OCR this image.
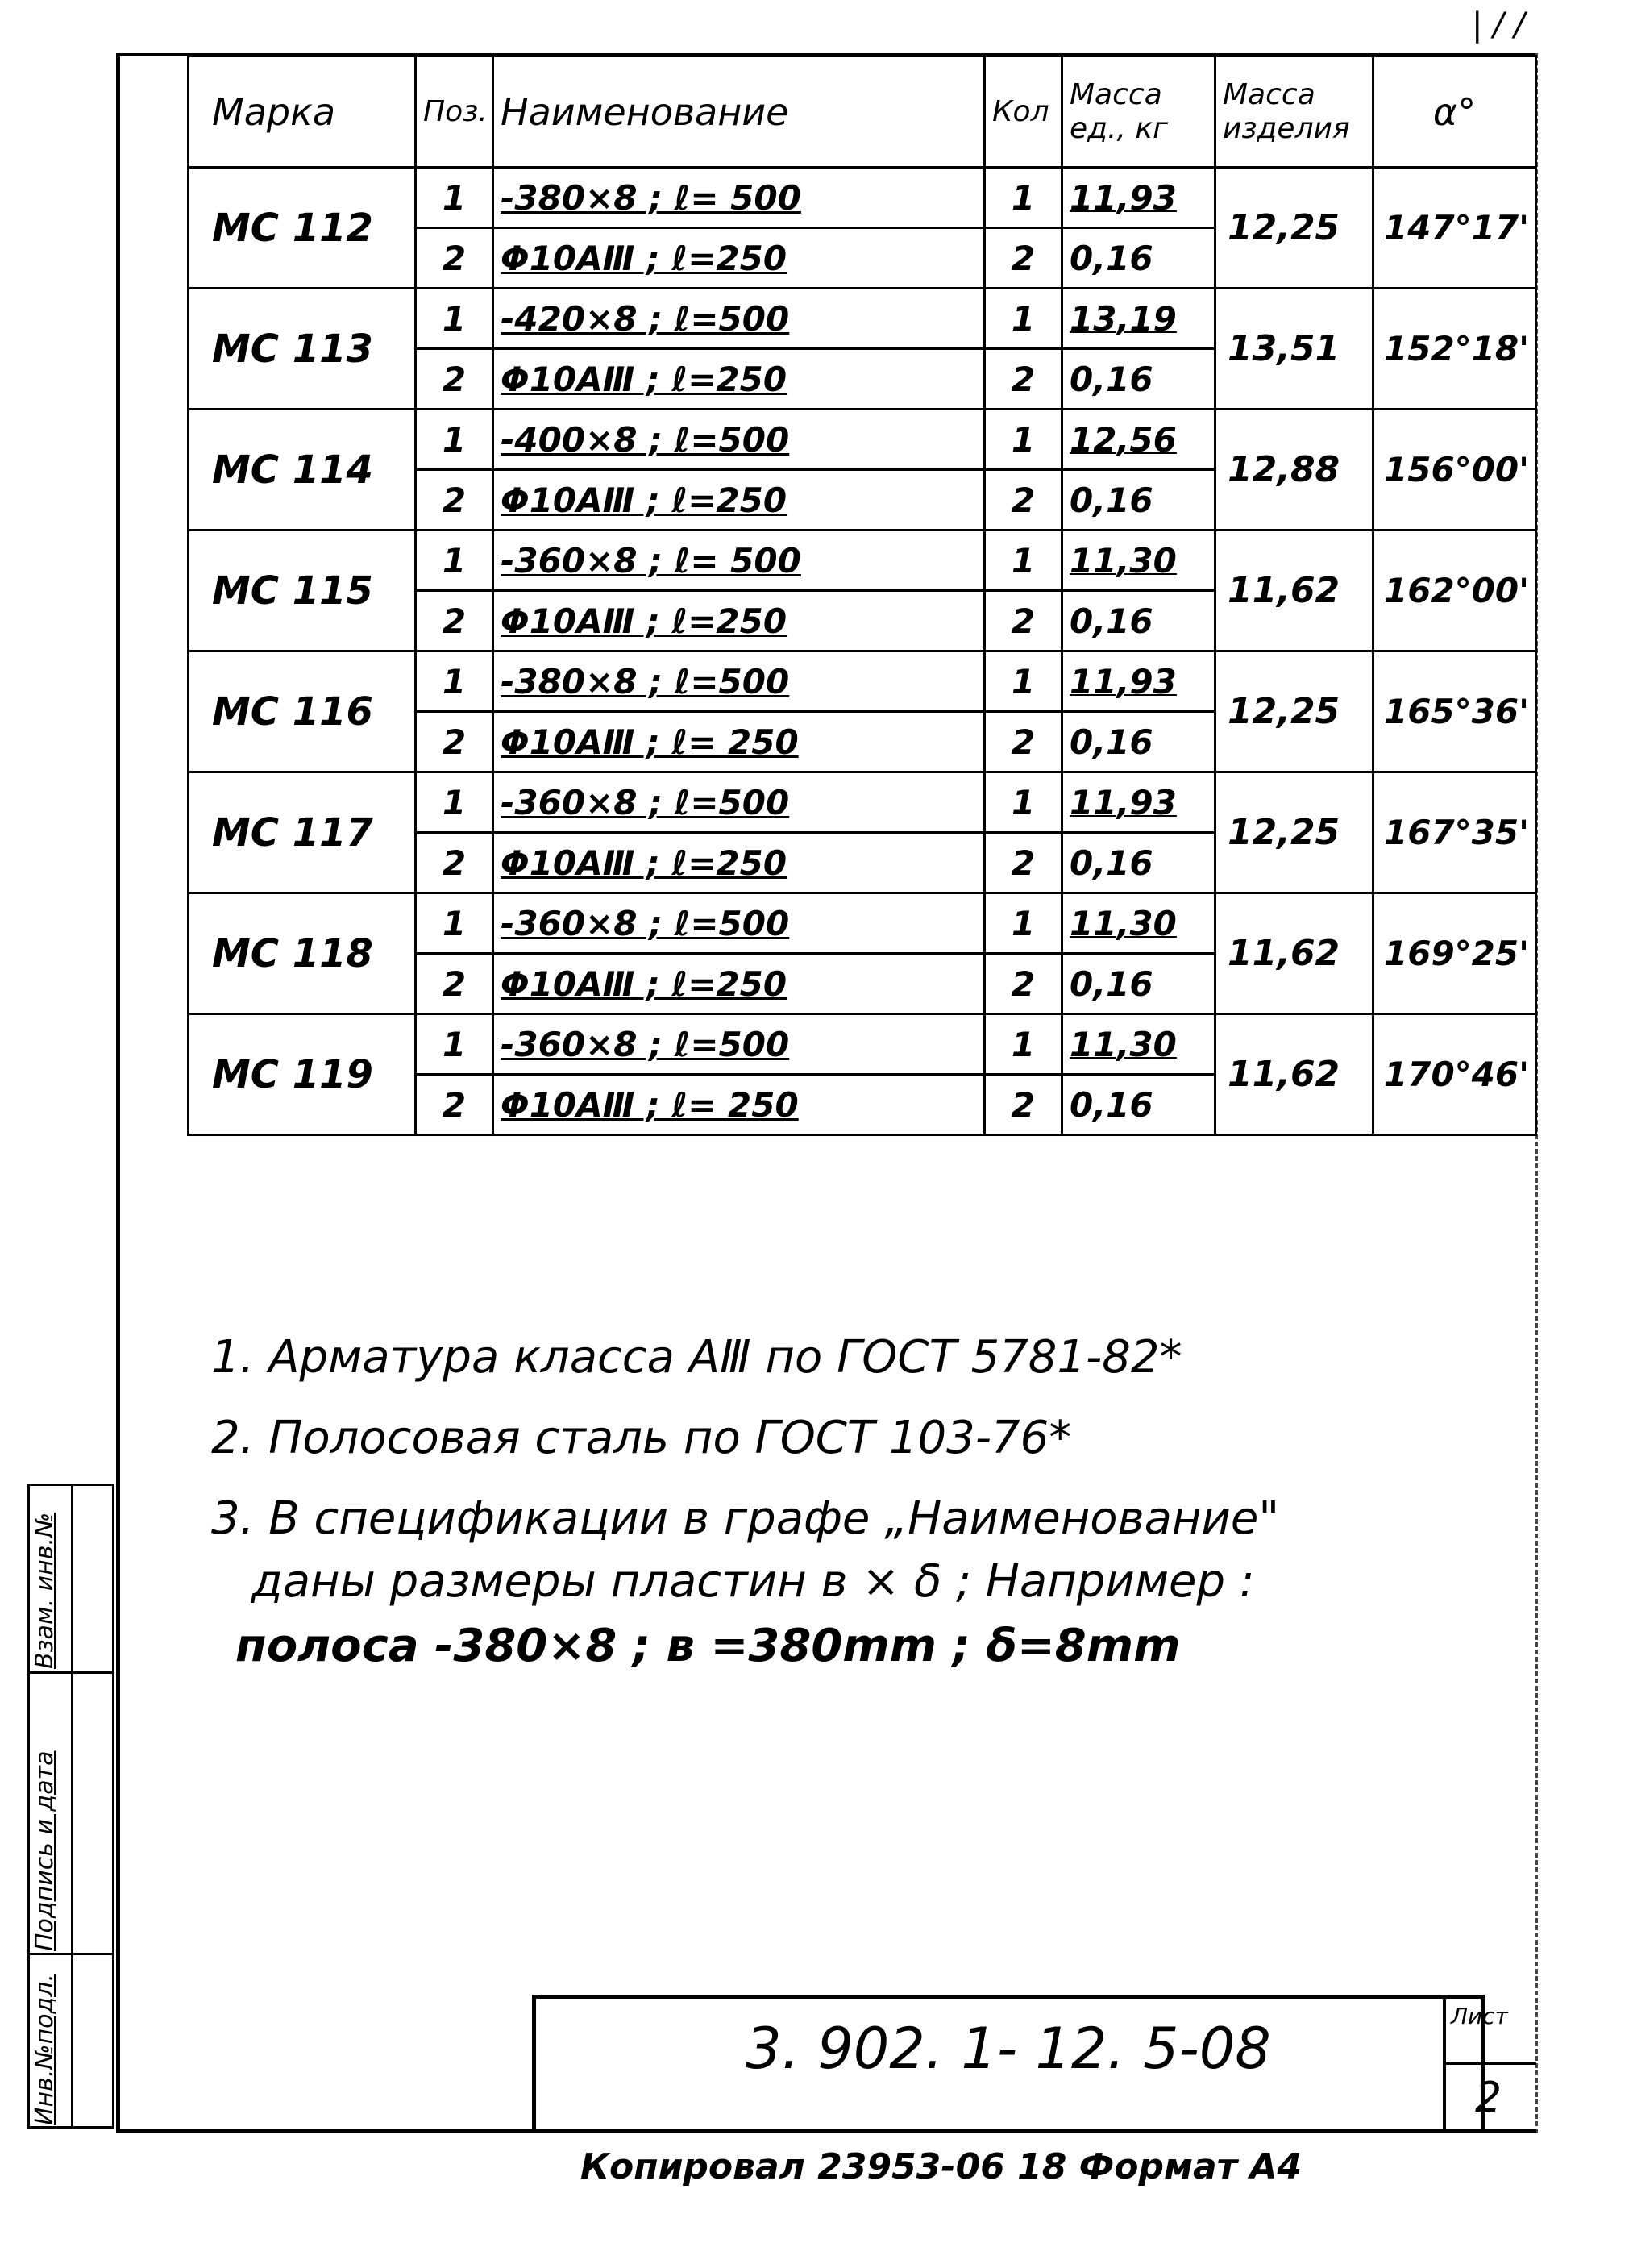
| / /
Марка	Поз.	Наименование	Кол	Масса ед., кг	Масса изделия	α°
МС 112	1	-380×8 ; ℓ= 500	1	11,93	12,25	147°17'
	2	Φ10АⅢ ; ℓ=250	2	0,16		
МС 113	1	-420×8 ; ℓ=500	1	13,19	13,51	152°18'
	2	Φ10АⅢ ; ℓ=250	2	0,16		
МС 114	1	-400×8 ; ℓ=500	1	12,56	12,88	156°00'
	2	Φ10АⅢ ; ℓ=250	2	0,16		
МС 115	1	-360×8 ; ℓ= 500	1	11,30	11,62	162°00'
	2	Φ10АⅢ ; ℓ=250	2	0,16		
МС 116	1	-380×8 ; ℓ=500	1	11,93	12,25	165°36'
	2	Φ10АⅢ ; ℓ= 250	2	0,16		
МС 117	1	-360×8 ; ℓ=500	1	11,93	12,25	167°35'
	2	Φ10АⅢ ; ℓ=250	2	0,16		
МС 118	1	-360×8 ; ℓ=500	1	11,30	11,62	169°25'
	2	Φ10АⅢ ; ℓ=250	2	0,16		
МС 119	1	-360×8 ; ℓ=500	1	11,30	11,62	170°46'
	2	Φ10АⅢ ; ℓ= 250	2	0,16		
1. Арматура класса АⅢ по ГОСТ 5781-82*
2. Полосовая сталь по ГОСТ 103-76*
3. В спецификации в графе „Наименование"
даны размеры пластин в × δ ; Например :
полоса -380×8 ; в =380mm ; δ=8mm
Взам. инв.№
Подпись и дата
Инв.№подл.	3. 902. 1- 12. 5-08	Лист
2
Копировал 23953-06 18 Формат А4
